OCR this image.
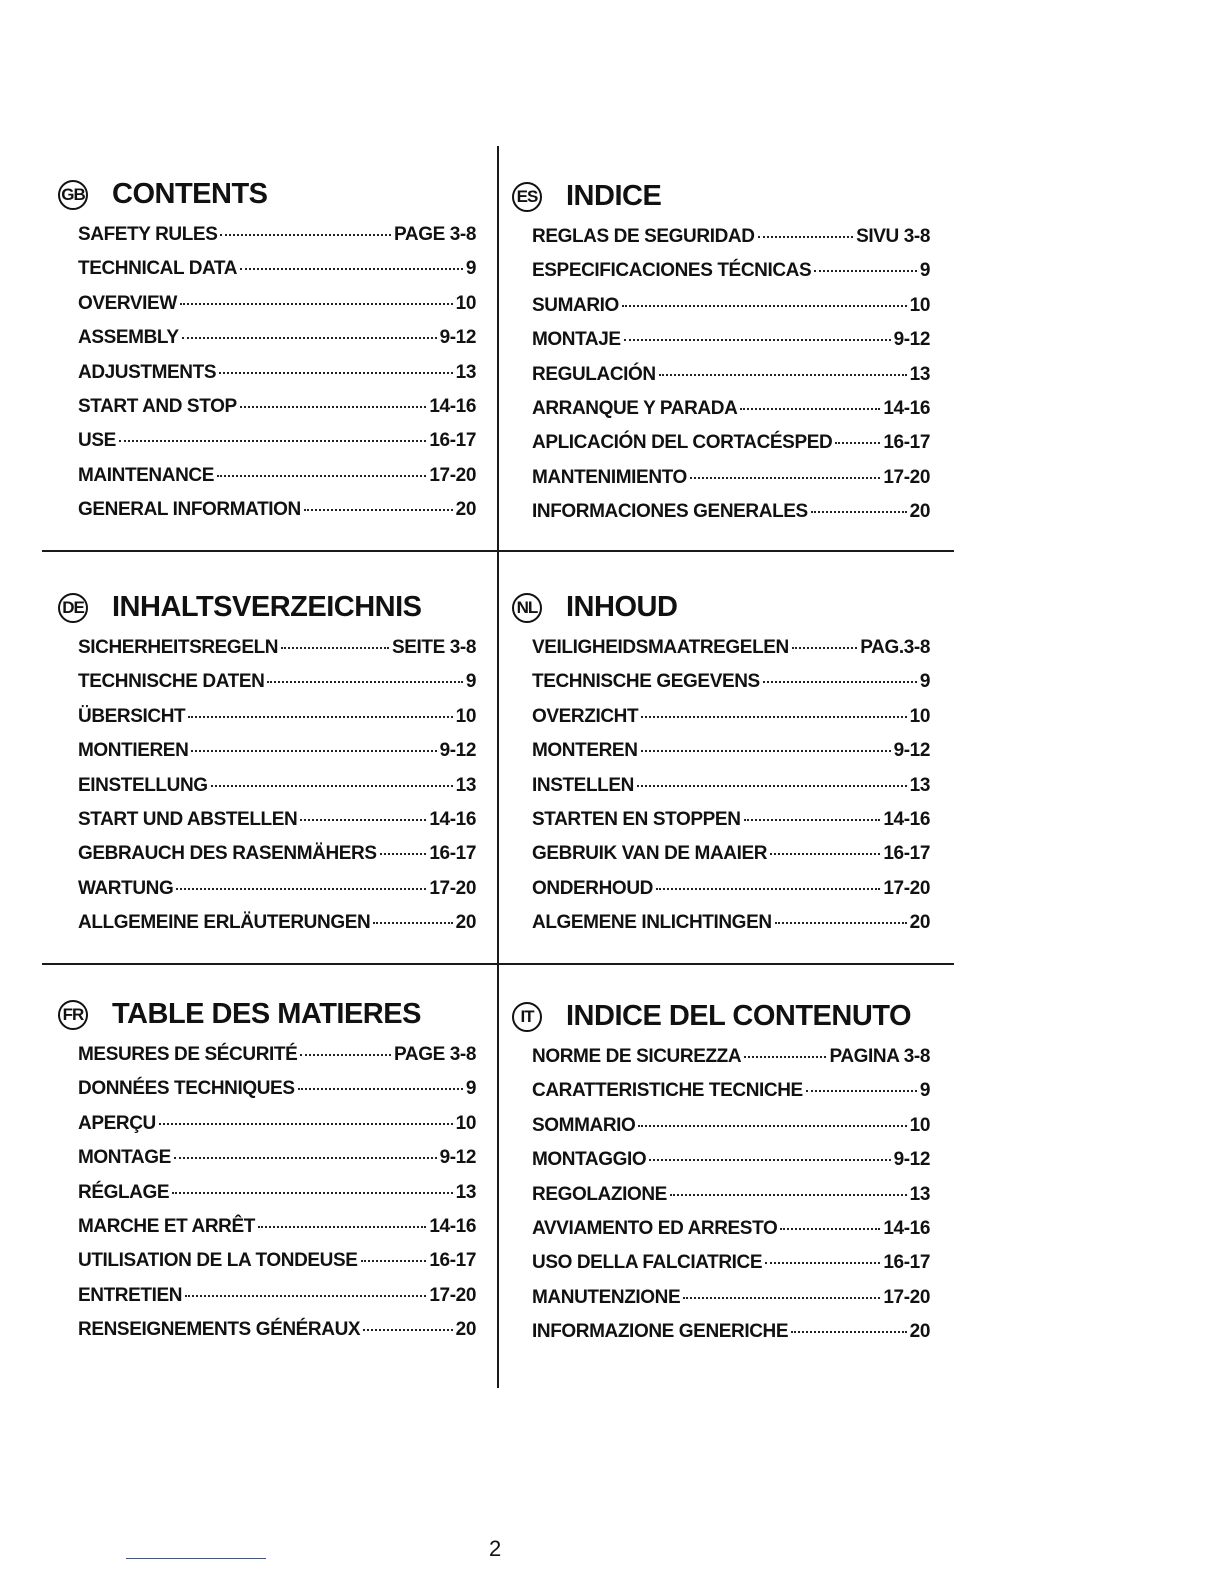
GB CONTENTS
SAFETY RULES	PAGE 3-8
TECHNICAL DATA	9
OVERVIEW	10
ASSEMBLY	9-12
ADJUSTMENTS	13
START AND STOP	14-16
USE	16-17
MAINTENANCE	17-20
GENERAL INFORMATION	20
ES INDICE
REGLAS DE SEGURIDAD	SIVU 3-8
ESPECIFICACIONES TÉCNICAS	9
SUMARIO	10
MONTAJE	9-12
REGULACIÓN	13
ARRANQUE Y PARADA	14-16
APLICACIÓN DEL CORTACÉSPED	16-17
MANTENIMIENTO	17-20
INFORMACIONES GENERALES	20
DE INHALTSVERZEICHNIS
SICHERHEITSREGELN	SEITE 3-8
TECHNISCHE DATEN	9
ÜBERSICHT	10
MONTIEREN	9-12
EINSTELLUNG	13
START UND ABSTELLEN	14-16
GEBRAUCH DES RASENMÄHERS	16-17
WARTUNG	17-20
ALLGEMEINE ERLÄUTERUNGEN	20
NL INHOUD
VEILIGHEIDSMAATREGELEN	PAG.3-8
TECHNISCHE GEGEVENS	9
OVERZICHT	10
MONTEREN	9-12
INSTELLEN	13
STARTEN EN STOPPEN	14-16
GEBRUIK VAN DE MAAIER	16-17
ONDERHOUD	17-20
ALGEMENE INLICHTINGEN	20
FR TABLE DES MATIERES
MESURES DE SÉCURITÉ	PAGE 3-8
DONNÉES TECHNIQUES	9
APERÇU	10
MONTAGE	9-12
RÉGLAGE	13
MARCHE ET ARRÊT	14-16
UTILISATION DE LA TONDEUSE	16-17
ENTRETIEN	17-20
RENSEIGNEMENTS GÉNÉRAUX	20
IT INDICE DEL CONTENUTO
NORME DE SICUREZZA	PAGINA 3-8
CARATTERISTICHE TECNICHE	9
SOMMARIO	10
MONTAGGIO	9-12
REGOLAZIONE	13
AVVIAMENTO ED ARRESTO	14-16
USO DELLA FALCIATRICE	16-17
MANUTENZIONE	17-20
INFORMAZIONE GENERICHE	20
2
